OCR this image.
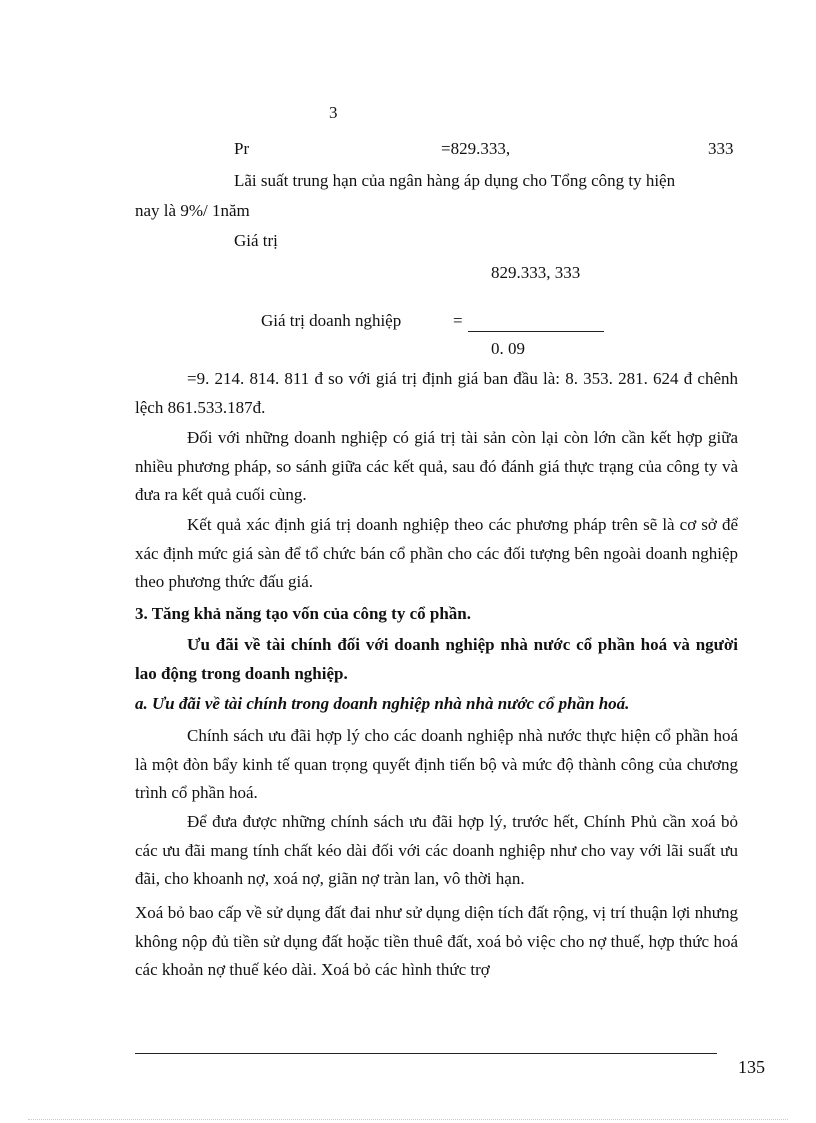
3
Pr	=829.333,	333
Lãi suất trung hạn của ngân hàng áp dụng cho Tổng công ty hiện
nay là 9%/ 1năm
Giá trị
829.333, 333
Giá trị doanh nghiệp	=
0. 09

=9. 214. 814. 811 đ so với giá trị định giá ban đầu là: 8. 353. 281. 624 đ chênh lệch 861.533.187đ.

Đối với những doanh nghiệp có giá trị tài sản còn lại còn lớn cần kết hợp giữa nhiều phương pháp, so sánh giữa các kết quả, sau đó đánh giá thực trạng của công ty và đưa ra kết quả cuối cùng.

Kết quả xác định giá trị doanh nghiệp theo các phương pháp trên sẽ là cơ sở để xác định mức giá sàn để tổ chức bán cổ phần cho các đối tượng bên ngoài doanh nghiệp theo phương thức đấu giá.

3. Tăng khả năng tạo vốn của công ty cổ phần.

Ưu đãi về tài chính đối với doanh nghiệp nhà nước cổ phần hoá và người lao động trong doanh nghiệp.

a. Ưu đãi về tài chính trong doanh nghiệp nhà nhà nước cổ phần hoá.

Chính sách ưu đãi hợp lý cho các doanh nghiệp nhà nước thực hiện cổ phần hoá là một đòn bẩy kinh tế quan trọng quyết định tiến bộ và mức độ thành công của chương trình cổ phần hoá.

Để đưa được những chính sách ưu đãi hợp lý, trước hết, Chính Phủ cần xoá bỏ các ưu đãi mang tính chất kéo dài đối với các doanh nghiệp như cho vay với lãi suất ưu đãi, cho khoanh nợ, xoá nợ, giãn nợ tràn lan, vô thời hạn.

Xoá bỏ bao cấp về sử dụng đất đai như sử dụng diện tích đất rộng, vị trí thuận lợi nhưng không nộp đủ tiền sử dụng đất hoặc tiền thuê đất, xoá bỏ việc cho nợ thuế, hợp thức hoá các khoản nợ thuế kéo dài. Xoá bỏ các hình thức trợ

135
